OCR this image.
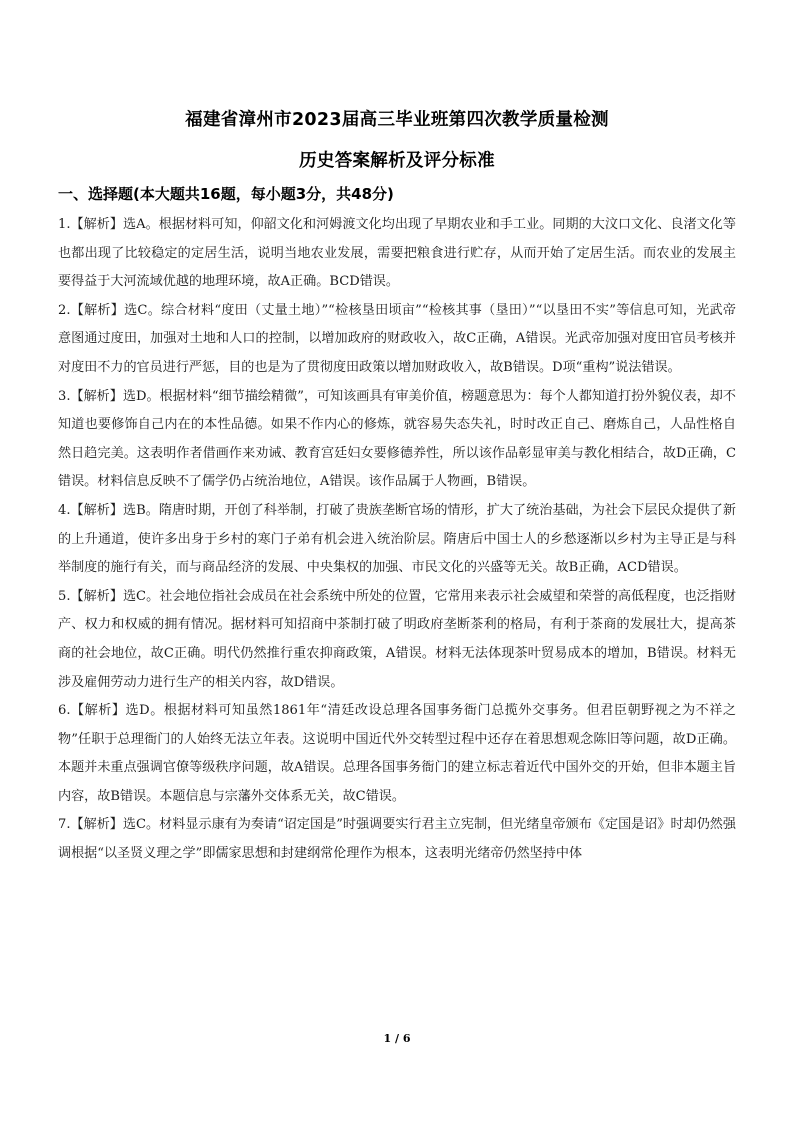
福建省漳州市2023届高三毕业班第四次教学质量检测
历史答案解析及评分标准
一、选择题(本大题共16题，每小题3分，共48分)

1.【解析】选A。根据材料可知，仰韶文化和河姆渡文化均出现了早期农业和手工业。同期的大汶口文化、良渚文化等也都出现了比较稳定的定居生活，说明当地农业发展，需要把粮食进行贮存，从而开始了定居生活。而农业的发展主要得益于大河流域优越的地理环境，故A正确。BCD错误。

2.【解析】选C。综合材料“度田（丈量土地）”“检核垦田顷亩”“检核其事（垦田）”“以垦田不实”等信息可知，光武帝意图通过度田，加强对土地和人口的控制，以增加政府的财政收入，故C正确，A错误。光武帝加强对度田官员考核并对度田不力的官员进行严惩，目的也是为了贯彻度田政策以增加财政收入，故B错误。D项“重构”说法错误。

3.【解析】选D。根据材料“细节描绘精微”，可知该画具有审美价值，榜题意思为：每个人都知道打扮外貌仪表，却不知道也要修饰自己内在的本性品德。如果不作内心的修炼，就容易失态失礼，时时改正自己、磨炼自己，人品性格自然日趋完美。这表明作者借画作来劝诫、教育宫廷妇女要修德养性，所以该作品彰显审美与教化相结合，故D正确，C错误。材料信息反映不了儒学仍占统治地位，A错误。该作品属于人物画，B错误。

4.【解析】选B。隋唐时期，开创了科举制，打破了贵族垄断官场的情形，扩大了统治基础，为社会下层民众提供了新的上升通道，使许多出身于乡村的寒门子弟有机会进入统治阶层。隋唐后中国士人的乡愁逐渐以乡村为主导正是与科举制度的施行有关，而与商品经济的发展、中央集权的加强、市民文化的兴盛等无关。故B正确，ACD错误。

5.【解析】选C。社会地位指社会成员在社会系统中所处的位置，它常用来表示社会威望和荣誉的高低程度，也泛指财产、权力和权威的拥有情况。据材料可知招商中茶制打破了明政府垄断茶利的格局，有利于茶商的发展壮大，提高茶商的社会地位，故C正确。明代仍然推行重农抑商政策，A错误。材料无法体现茶叶贸易成本的增加，B错误。材料无涉及雇佣劳动力进行生产的相关内容，故D错误。

6.【解析】选D。根据材料可知虽然1861年“清廷改设总理各国事务衙门总揽外交事务。但君臣朝野视之为不祥之物”任职于总理衙门的人始终无法立年表。这说明中国近代外交转型过程中还存在着思想观念陈旧等问题，故D正确。本题并未重点强调官僚等级秩序问题，故A错误。总理各国事务衙门的建立标志着近代中国外交的开始，但非本题主旨内容，故B错误。本题信息与宗藩外交体系无关，故C错误。

7.【解析】选C。材料显示康有为奏请“诏定国是”时强调要实行君主立宪制，但光绪皇帝颁布《定国是诏》时却仍然强调根据“以圣贤义理之学”即儒家思想和封建纲常伦理作为根本，这表明光绪帝仍然坚持中体

1 / 6
